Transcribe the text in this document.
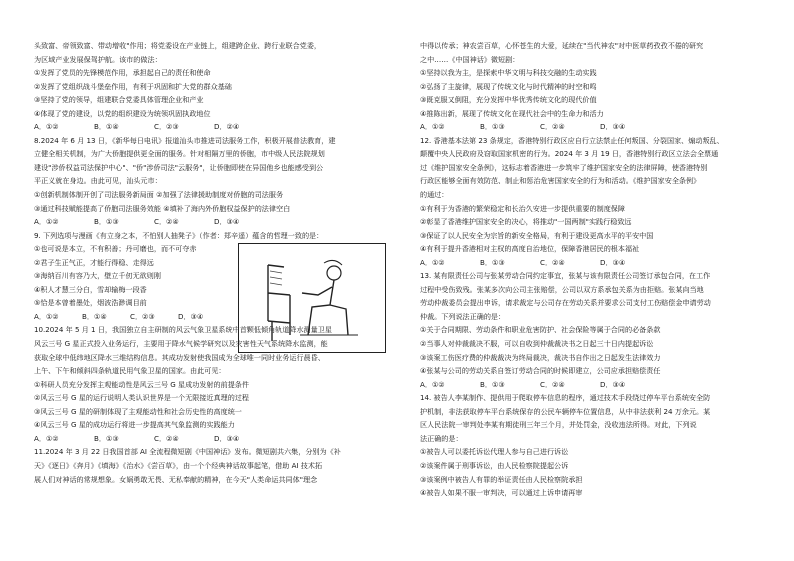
头致富、帝领致富、带动增收"作用；将党委设在产业链上，组建跨企业、跨行业联合党委，
为区域产业发展保驾护航。该市的做法：
①发挥了党员的先锋模范作用，承担起自己的责任和使命
②发挥了党组织战斗堡垒作用，有利于巩固和扩大党的群众基础
③坚持了党的领导，组建联合党委具体管理企业和产业
④体现了党的建设，以党的组织建设为统领巩固执政地位
A．①②	B．①④	C．②③	D．②④
8.2024 年 6 月 13 日，《新华每日电讯》报道汕头市推进司法服务工作，积极开展普法教育，建
立健全相关机制，为广大侨胞提供更全面的服务。针对相隔万里的侨胞，市中级人民法院规划
建设"涉侨权益司法保护中心"、"侨"涉侨司法"云服务"，让侨胞即使在异国他乡也能感受到公
平正义就在身边。由此可见，汕头元市：
①创新机制体制开创了司法服务新局面 ②加强了法律援助制度对侨胞的司法服务
③通过科技赋能提高了侨胞司法服务效能 ④填补了海内外侨胞权益保护的法律空白
A．①②	B．①③	C．②④	D．③④
9. 下列选项与漫画《有立身之本，不怕别人抽凳子》（作者：郑辛遥）蕴含的哲理一致的是：
①也可说是本立，不有积善；丹可磨也，而不可夺赤
②君子生正气正，才能行得稳、走得远
③海纳百川有容乃大，壁立千仞无欲则刚
④积人才慧三分白，雪却输梅一段香
⑤恰是本曾着墨处，烟波浩渺调目前
A．①②	B．①④	C．②③	D．③④
10.2024 年 5 月 1 日，我国独立自主研制的风云气象卫星系统中首颗低倾角轨道降水测量卫星
风云三号 G 星正式投入业务运行，主要用于降水气候学研究以及灾害性天气系统降水监测，能
获取全球中低纬地区降水三维结构信息。其成功发射使我国成为全球唯一同时业务运行晨昏、
上午、下午和倾斜四条轨道民用气象卫星的国家。由此可见：
①科研人员充分发挥主观能动性是风云三号 G 星成功发射的前提条件
②风云三号 G 星的运行说明人类认识世界是一个无限接近真理的过程
③风云三号 G 星的研制体现了主观能动性和社会历史性的高度统一
④风云三号 G 星的成功运行将进一步提高其气象监测的实践能力
A．①②	B．①③	C．②④	D．③④
11.2024 年 3 月 22 日我国首部 AI 全流程微短剧《中国神话》发布。微短剧共六集，分别为《补
天》《逐日》《奔月》《填海》《治水》《尝百草》，由一个个经典神话故事起笔，借助 AI 技术拓
展人们对神话的常规想象。女娲勇敢无畏、无私奉献的精神，在今天"人类命运共同体"理念
中得以传承；神农尝百草，心怀苍生的大爱，延续在"当代神农"对中医草药孜孜不倦的研究
之中……《中国神话》微短剧：
①坚持以我为主，是探索中华文明与科技交融的生动实践
②弘扬了主旋律，展现了传统文化与时代精神的时空和鸣
③既克服又倒阻，充分发挥中华优秀传统文化的现代价值
④推陈出新，展现了传统文化在现代社会中的生命力和活力
A．①②	B．①③	C．②④	D．③④
12. 香港基本法第 23 条规定，香港特别行政区应自行立法禁止任何叛国、分裂国家、煽动叛乱、
颠覆中央人民政府及窃取国家机密的行为。2024 年 3 月 19 日，香港特别行政区立法会全票通
过《维护国家安全条例》，这标志着香港进一步筑牢了维护国家安全的法律屏障，使香港特别
行政区能够全面有效防范、制止和惩治危害国家安全的行为和活动。《维护国家安全条例》
的通过：
①有利于为香港的繁荣稳定和长治久安进一步提供重要的制度保障
②彰显了香港维护国家安全的决心，将推动"一国两制"实践行稳致远
③保证了以人民安全为宗旨的新安全格局，有利于建设更高水平的平安中国
④有利于提升香港相对主权的高度自治地位，保障香港居民的根本福祉
A．①②	B．①③	C．②④	D．③④
13. 某有限责任公司与张某劳动合同约定事宜，张某与该有限责任公司签订承包合同，在工作
过程中受伤致残。张某多次向公司主张赔偿，公司以双方系承包关系为由拒赔。张某向当地
劳动仲裁委员会提出申诉，请求裁定与公司存在劳动关系并要求公司支付工伤赔偿金申请劳动
仲裁。下列说法正确的是：
①关于合同期限、劳动条件和职业危害防护、社会保险等属于合同的必备条款
②当事人对仲裁裁决不服，可以自收到仲裁裁决书之日起三十日内提起诉讼
③该案工伤医疗费的仲裁裁决为终局裁决，裁决书自作出之日起发生法律效力
④张某与公司的劳动关系自签订劳动合同的时候即建立，公司应承担赔偿责任
A．①②	B．①③	C．②④	D．③④
14. 被告人李某制作、提供用于爬取停车信息的程序，通过技术手段绕过停车平台系统安全防
护机制，非法获取停车平台系统保存的公民车辆停车位置信息，从中非法获利 24 万余元。某
区人民法院一审判处李某有期徒刑三年三个月，并处罚金，没收违法所得。对此，下列说
法正确的是：
①被告人可以委托诉讼代理人参与自己进行诉讼
②该案件属于刑事诉讼，由人民检察院提起公诉
③该案例中被告人有罪的举证责任由人民检察院承担
④被告人如果不服一审判决，可以通过上诉申请再审
